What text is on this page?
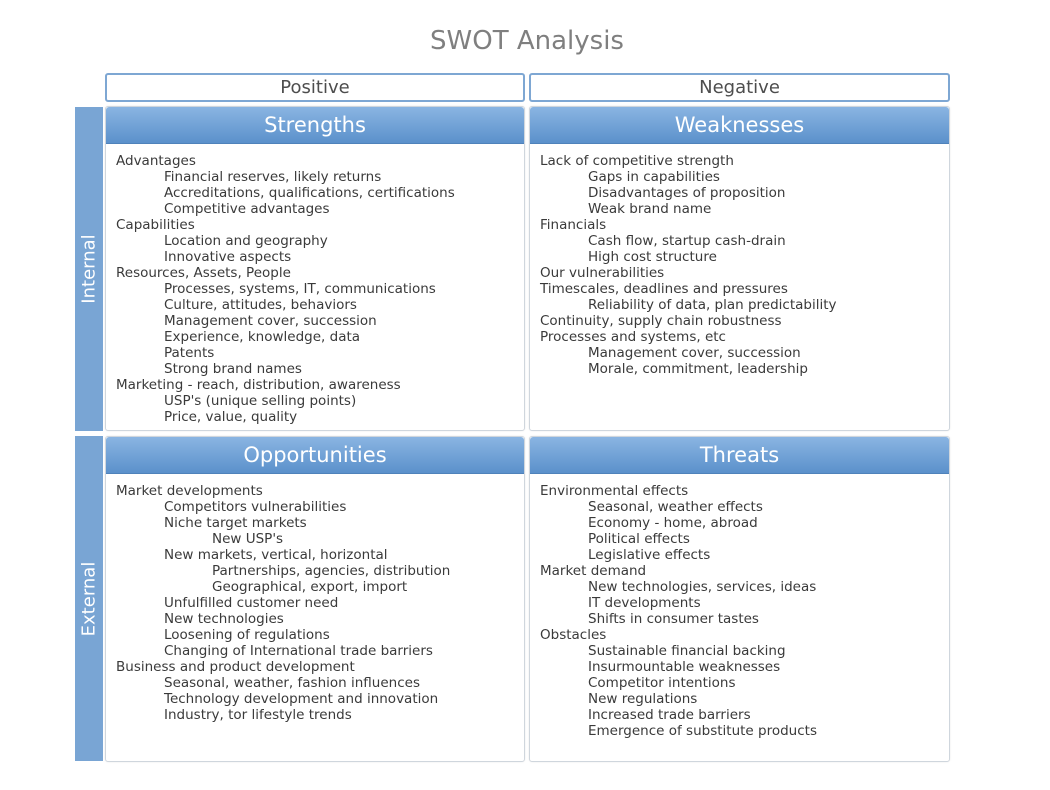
SWOT Analysis
Positive	Negative
Internal
External
Strengths
Advantages
Financial reserves, likely returns
Accreditations, qualifications, certifications
Competitive advantages
Capabilities
Location and geography
Innovative aspects
Resources, Assets, People
Processes, systems, IT, communications
Culture, attitudes, behaviors
Management cover, succession
Experience, knowledge, data
Patents
Strong brand names
Marketing - reach, distribution, awareness
USP's (unique selling points)
Price, value, quality
Weaknesses
Lack of competitive strength
Gaps in capabilities
Disadvantages of proposition
Weak brand name
Financials
Cash flow, startup cash-drain
High cost structure
Our vulnerabilities
Timescales, deadlines and pressures
Reliability of data, plan predictability
Continuity, supply chain robustness
Processes and systems, etc
Management cover, succession
Morale, commitment, leadership
Opportunities
Market developments
Competitors vulnerabilities
Niche target markets
New USP's
New markets, vertical, horizontal
Partnerships, agencies, distribution
Geographical, export, import
Unfulfilled customer need
New technologies
Loosening of regulations
Changing of International trade barriers
Business and product development
Seasonal, weather, fashion influences
Technology development and innovation
Industry, tor lifestyle trends
Threats
Environmental effects
Seasonal, weather effects
Economy - home, abroad
Political effects
Legislative effects
Market demand
New technologies, services, ideas
IT developments
Shifts in consumer tastes
Obstacles
Sustainable financial backing
Insurmountable weaknesses
Competitor intentions
New regulations
Increased trade barriers
Emergence of substitute products
